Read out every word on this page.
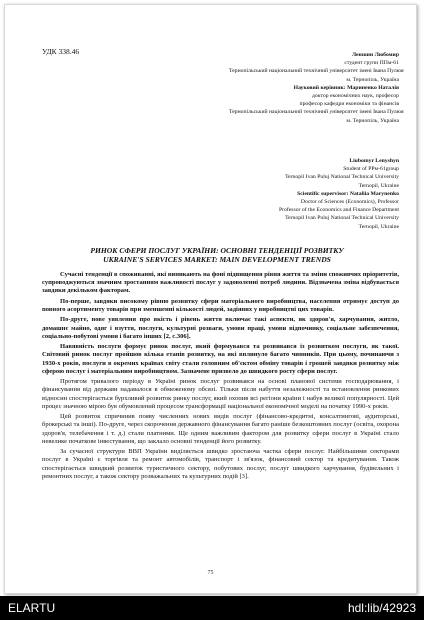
УДК 338.46	Леншин Любомир
студент групи ППм-61
Тернопільський національний технічний університет імені Івана Пулюя
м. Тернопіль, Україна
Науковий керівник: Мариненко Наталія
доктор економічних наук, професор
професор кафедри економіки та фінансів
Тернопільський національний технічний університет імені Івана Пулюя
м. Тернопіль, Україна
Liubomyr Lenyshyn
Student of PPм-61group
Ternopil Ivan Puluj National Technical University
Ternopil, Ukraine
Scientific supervisor: Nataliia Marynenko
Doctor of Sciences (Economics), Professor
Professor of the Economics and Finance Department
Ternopil Ivan Puluj National Technical University
Ternopil, Ukraine
РИНОК СФЕРИ ПОСЛУГ УКРАЇНИ: ОСНОВНІ ТЕНДЕНЦІЇ РОЗВИТКУ
UKRAINE'S SERVICES MARKET: MAIN DEVELOPMENT TRENDS

Сучасні тенденції в споживанні, які виникають на фоні підвищення рівня життя та зміни споживчих пріоритетів, супроводжуються значним зростанням важливості послуг у задоволенні потреб людини. Відзначена зміна відбувається завдяки декільком факторам.

По-перше, завдяки високому рівню розвитку сфери матеріального виробництва, населення отримує доступ до повного асортименту товарів при зменшенні кількості людей, задіяних у виробництві цих товарів.

По-друге, нове уявлення про якість і рівень життя включає такі аспекти, як здоров'я, харчування, житло, домашнє майно, одяг і взуття, послуги, культурні розваги, умови праці, умови відпочинку, соціальне забезпечення, соціально-побутові умови і багато інших [2, с.306].

Навявність послуги формує ринок послуг, який формувався та розвивався із розвитком послуги, як такої. Світовий ринок послуг пройшов кілька етапів розвитку, на які вплинуло багато чинників. При цьому, починаючи з 1930-х років, послуги в окремих країнах світу стали головним об'єктом обміну товарів і грошей завдяки розвитку між сферою послуг і матеріальним виробництвом. Зазначене призвело до швидкого росту сфери послуг.

Протягом тривалого періоду в Україні ринок послуг розвивався на основі планової системи господарювання, і фінансування від держави надавалося в обмеженому обсязі. Тільки після набуття незалежності та встановлення ринкових відносин спостерігається бурхливий розвиток ринку послуг, який охопив всі регіони країни і набув великої популярності. Цей процес значною мірою був обумовлений процесом трансформації національної економічної моделі на початку 1990-х років.

Цей розвиток спричинив появу численних нових видів послуг (фінансово-кредитні, консалтингові, аудиторські, брокерські та інші). По-друге, через скорочення державного фінансування багато раніше безкоштовних послуг (освіта, охорона здоров'я, телебачення і т. д.) стали платними. Ще одним важливим фактором для розвитку сфери послуг в Україні стало невелике початкове інвестування, що заклало основні тенденції його розвитку.

За сучасної структури ВВП України виділяється швидко зростаюча частка сфери послуг. Найбільшими секторами послуг в Україні є торгівля та ремонт автомобілів, транспорт і зв'язок, фінансовий сектор та кредитування. Також спостерігається швидкий розвиток туристичного сектору, побутових послуг, послуг швидкого харчування, будівельних і ремонтних послуг, а також сектору розважальних та культурних подій [3].

75
ELARTU	hdl:lib/42923
